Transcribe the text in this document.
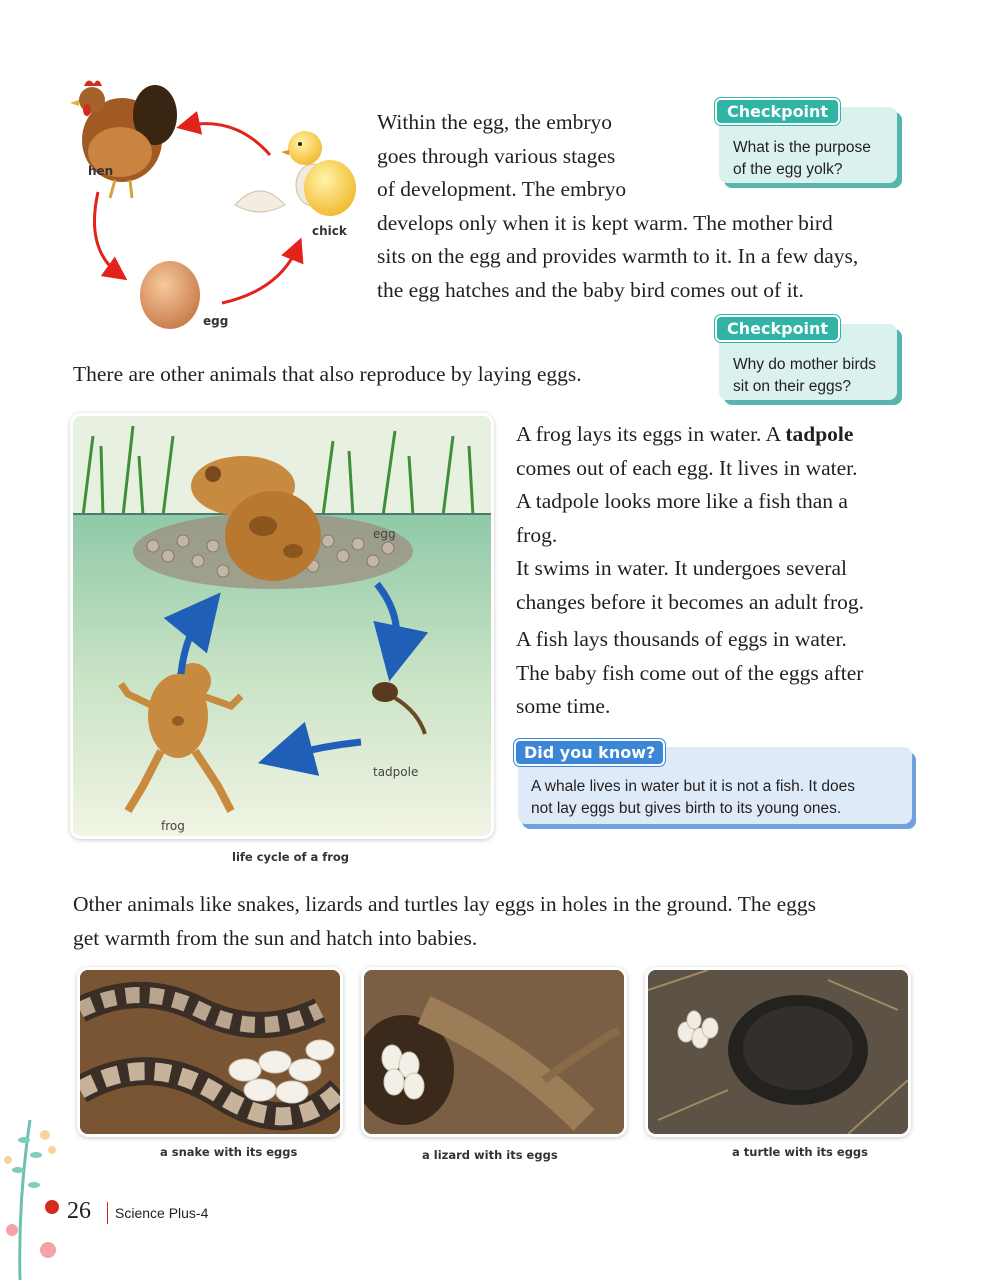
hen
chick
egg
Within the egg, the embryo
goes through various stages
of development. The embryo
develops only when it is kept warm. The mother bird
sits on the egg and provides warmth to it. In a few days,
the egg hatches and the baby bird comes out of it.
Checkpoint
What is the purpose
of the egg yolk?
Checkpoint
Why do mother birds
sit on their eggs?
There are other animals that also reproduce by laying eggs.
egg
tadpole
frog
life cycle of a frog
A frog lays its eggs in water. A tadpole
comes out of each egg. It lives in water.
A tadpole looks more like a fish than a
frog.
It swims in water. It undergoes several
changes before it becomes an adult frog.
A fish lays thousands of eggs in water.
The baby fish come out of the eggs after
some time.
Did you know?
A whale lives in water but it is not a fish. It does
not lay eggs but gives birth to its young ones.
Other animals like snakes, lizards and turtles lay eggs in holes in the ground. The eggs
get warmth from the sun and hatch into babies.
a snake with its eggs	a lizard with its eggs	a turtle with its eggs
26 Science Plus-4
